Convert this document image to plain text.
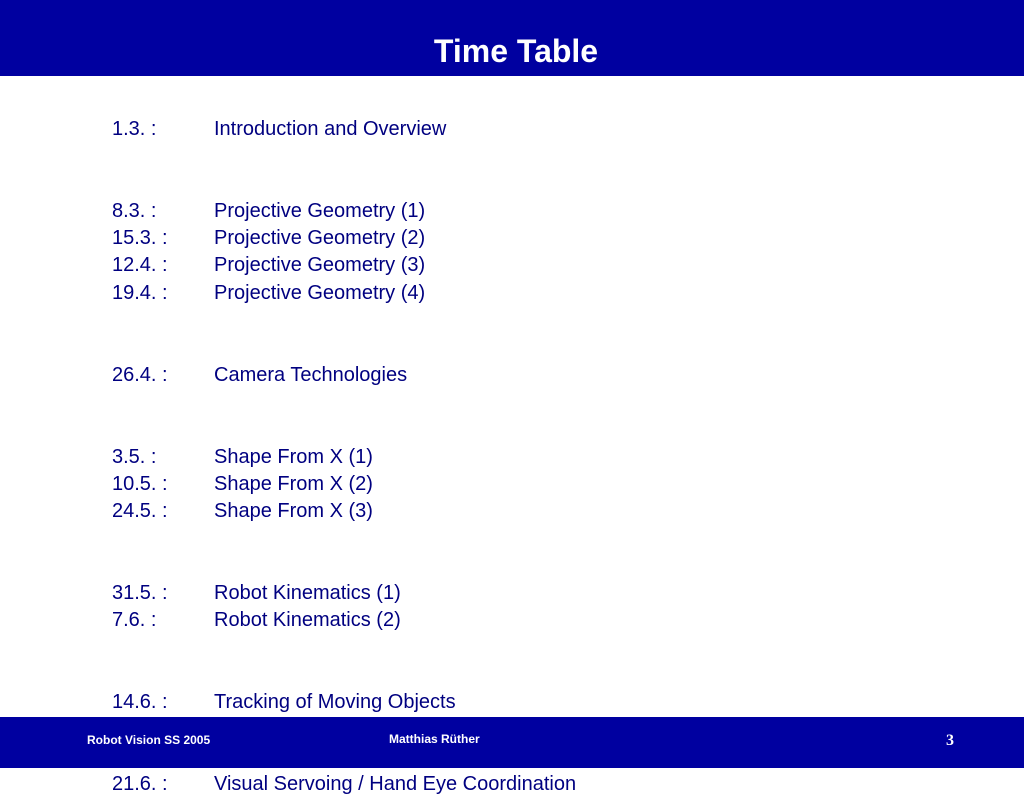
Time Table
1.3. :	Introduction and Overview
8.3. :	Projective Geometry (1)
15.3. : Projective Geometry (2)
12.4. : Projective Geometry (3)
19.4. : Projective Geometry (4)
26.4. : Camera Technologies
3.5. :	Shape From X (1)
10.5. : Shape From X (2)
24.5. : Shape From X (3)
31.5. : Robot Kinematics (1)
7.6. :	Robot Kinematics (2)
14.6. : Tracking of Moving Objects
21.6. : Visual Servoing / Hand Eye Coordination
Robot Vision SS 2005	Matthias Rüther	3
